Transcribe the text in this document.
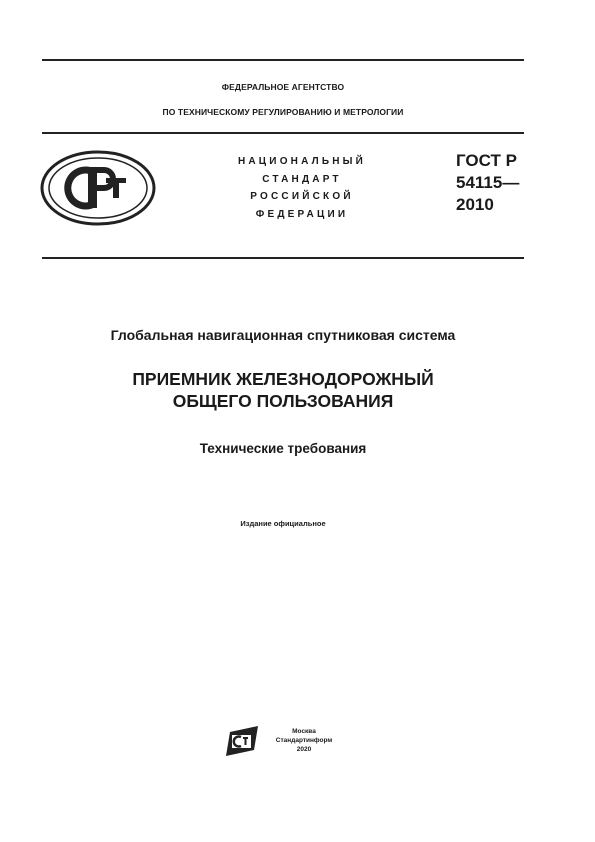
ФЕДЕРАЛЬНОЕ АГЕНТСТВО
ПО ТЕХНИЧЕСКОМУ РЕГУЛИРОВАНИЮ И МЕТРОЛОГИИ
НАЦИОНАЛЬНЫЙ
СТАНДАРТ
РОССИЙСКОЙ
ФЕДЕРАЦИИ
ГОСТ Р
54115—
2010
Глобальная навигационная спутниковая система
ПРИЕМНИК ЖЕЛЕЗНОДОРОЖНЫЙ
ОБЩЕГО ПОЛЬЗОВАНИЯ
Технические требования
Издание официальное
Москва
Стандартинформ
2020
